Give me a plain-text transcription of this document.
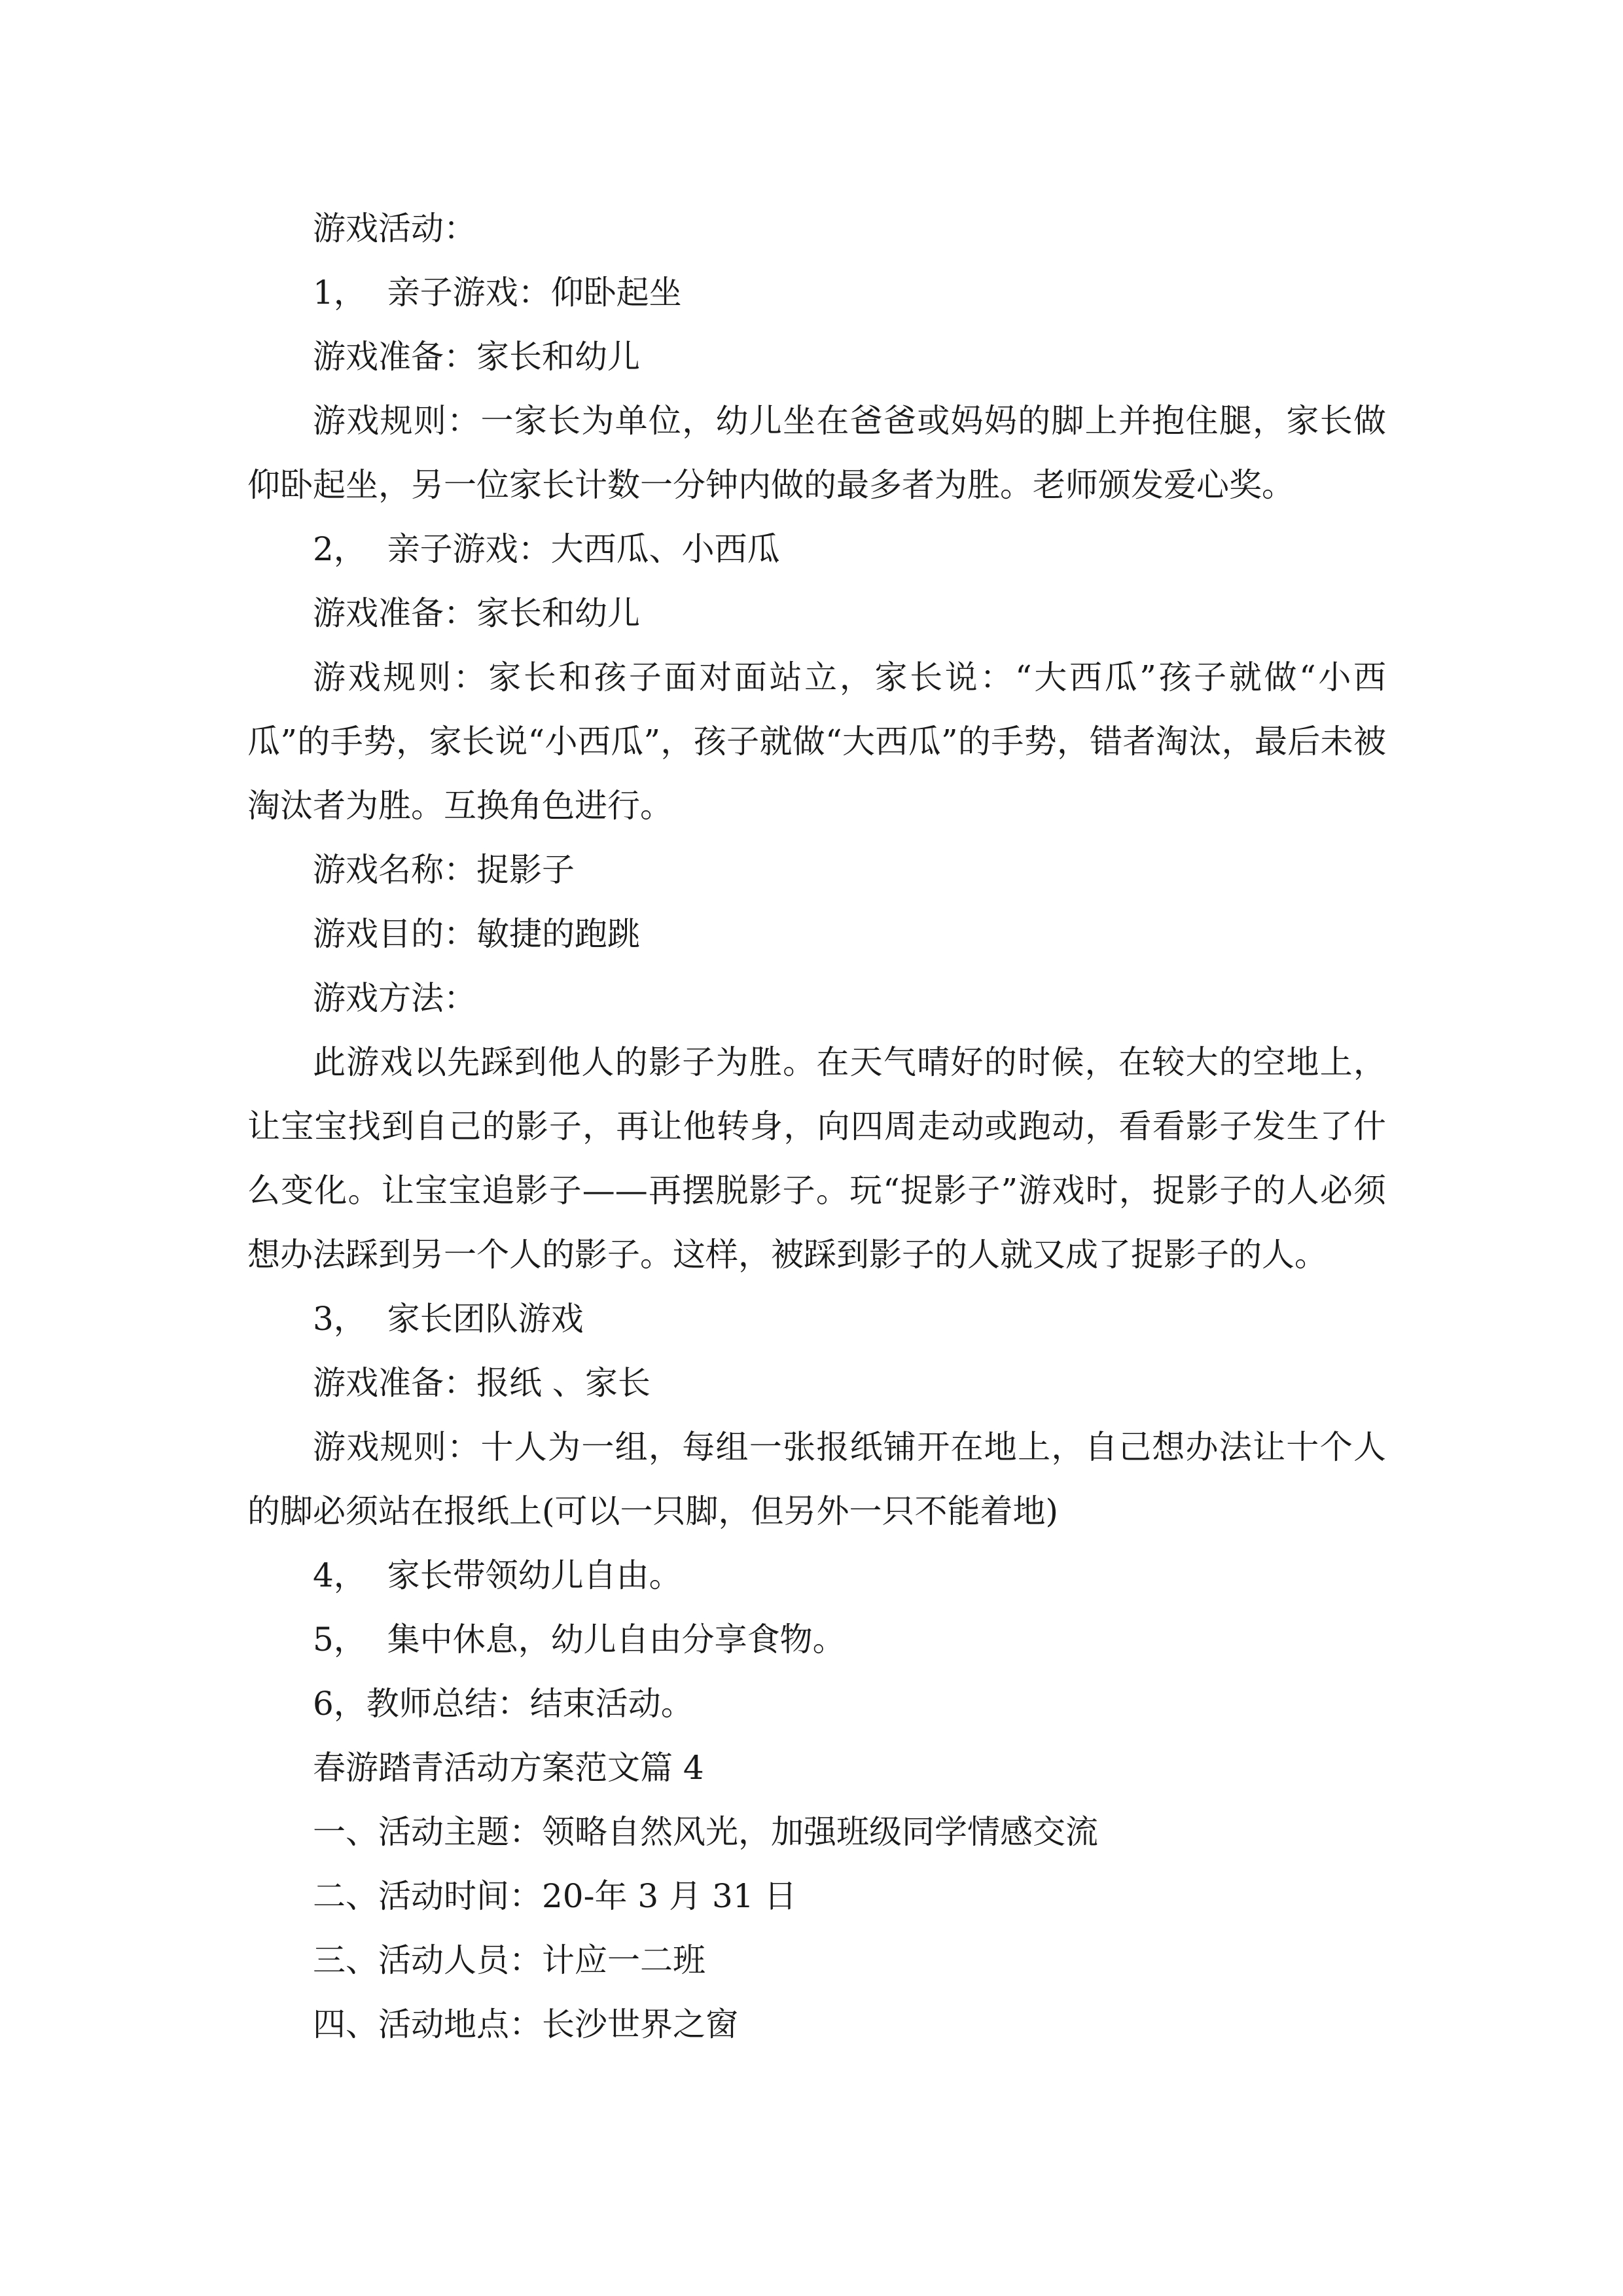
游戏活动：

1，  亲子游戏：仰卧起坐

游戏准备：家长和幼儿

游戏规则：一家长为单位，幼儿坐在爸爸或妈妈的脚上并抱住腿，家长做仰卧起坐，另一位家长计数一分钟内做的最多者为胜。老师颁发爱心奖。

2，  亲子游戏：大西瓜、小西瓜

游戏准备：家长和幼儿

游戏规则：家长和孩子面对面站立，家长说：“大西瓜”孩子就做“小西瓜”的手势，家长说“小西瓜”，孩子就做“大西瓜”的手势，错者淘汰，最后未被淘汰者为胜。互换角色进行。

游戏名称：捉影子

游戏目的：敏捷的跑跳

游戏方法：

此游戏以先踩到他人的影子为胜。在天气晴好的时候，在较大的空地上，让宝宝找到自己的影子，再让他转身，向四周走动或跑动，看看影子发生了什么变化。让宝宝追影子——再摆脱影子。玩“捉影子”游戏时，捉影子的人必须想办法踩到另一个人的影子。这样，被踩到影子的人就又成了捉影子的人。

3，  家长团队游戏

游戏准备：报纸 、家长

游戏规则：十人为一组，每组一张报纸铺开在地上，自己想办法让十个人的脚必须站在报纸上(可以一只脚，但另外一只不能着地)

4，  家长带领幼儿自由。

5，  集中休息，幼儿自由分享食物。

6，教师总结：结束活动。

春游踏青活动方案范文篇 4

一、活动主题：领略自然风光，加强班级同学情感交流

二、活动时间：20-年 3 月 31 日

三、活动人员：计应一二班

四、活动地点：长沙世界之窗
